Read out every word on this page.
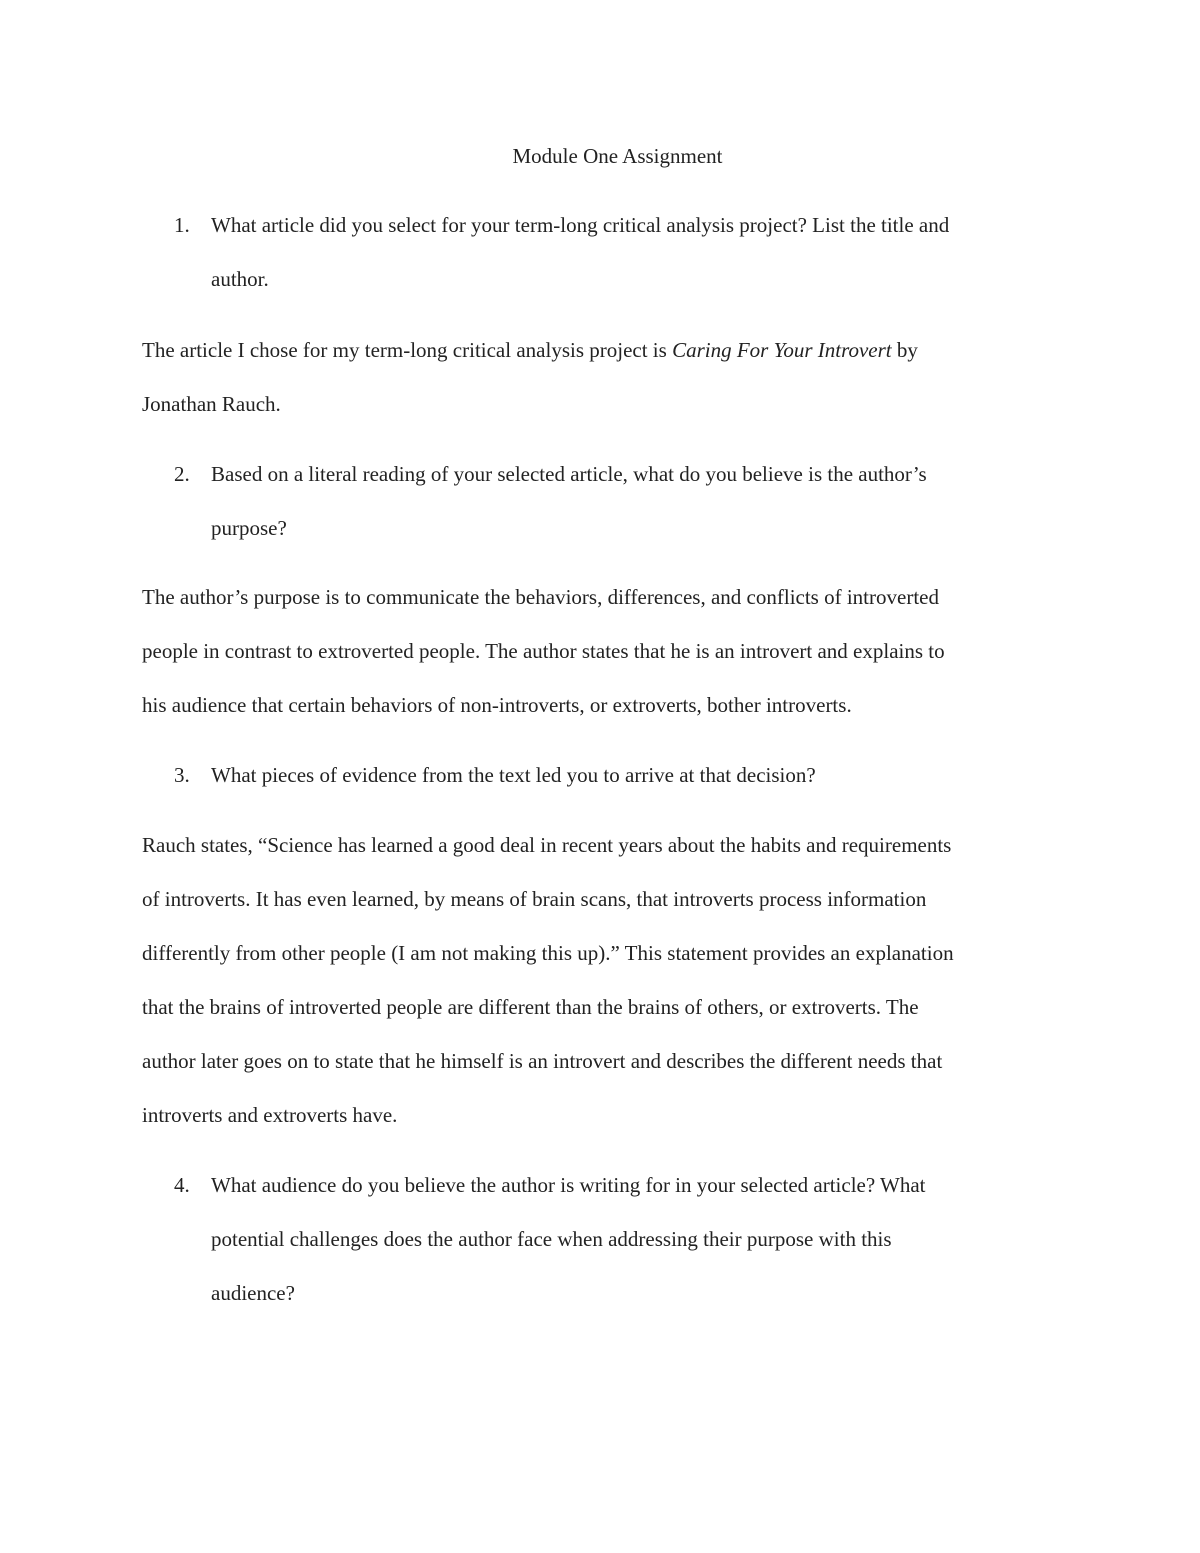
Module One Assignment
1. What article did you select for your term-long critical analysis project? List the title and
author.
The article I chose for my term-long critical analysis project is Caring For Your Introvert by
Jonathan Rauch.
2. Based on a literal reading of your selected article, what do you believe is the author’s
purpose?
The author’s purpose is to communicate the behaviors, differences, and conflicts of introverted
people in contrast to extroverted people. The author states that he is an introvert and explains to
his audience that certain behaviors of non-introverts, or extroverts, bother introverts.
3. What pieces of evidence from the text led you to arrive at that decision?
Rauch states, “Science has learned a good deal in recent years about the habits and requirements
of introverts. It has even learned, by means of brain scans, that introverts process information
differently from other people (I am not making this up).” This statement provides an explanation
that the brains of introverted people are different than the brains of others, or extroverts. The
author later goes on to state that he himself is an introvert and describes the different needs that
introverts and extroverts have.
4. What audience do you believe the author is writing for in your selected article? What
potential challenges does the author face when addressing their purpose with this
audience?
